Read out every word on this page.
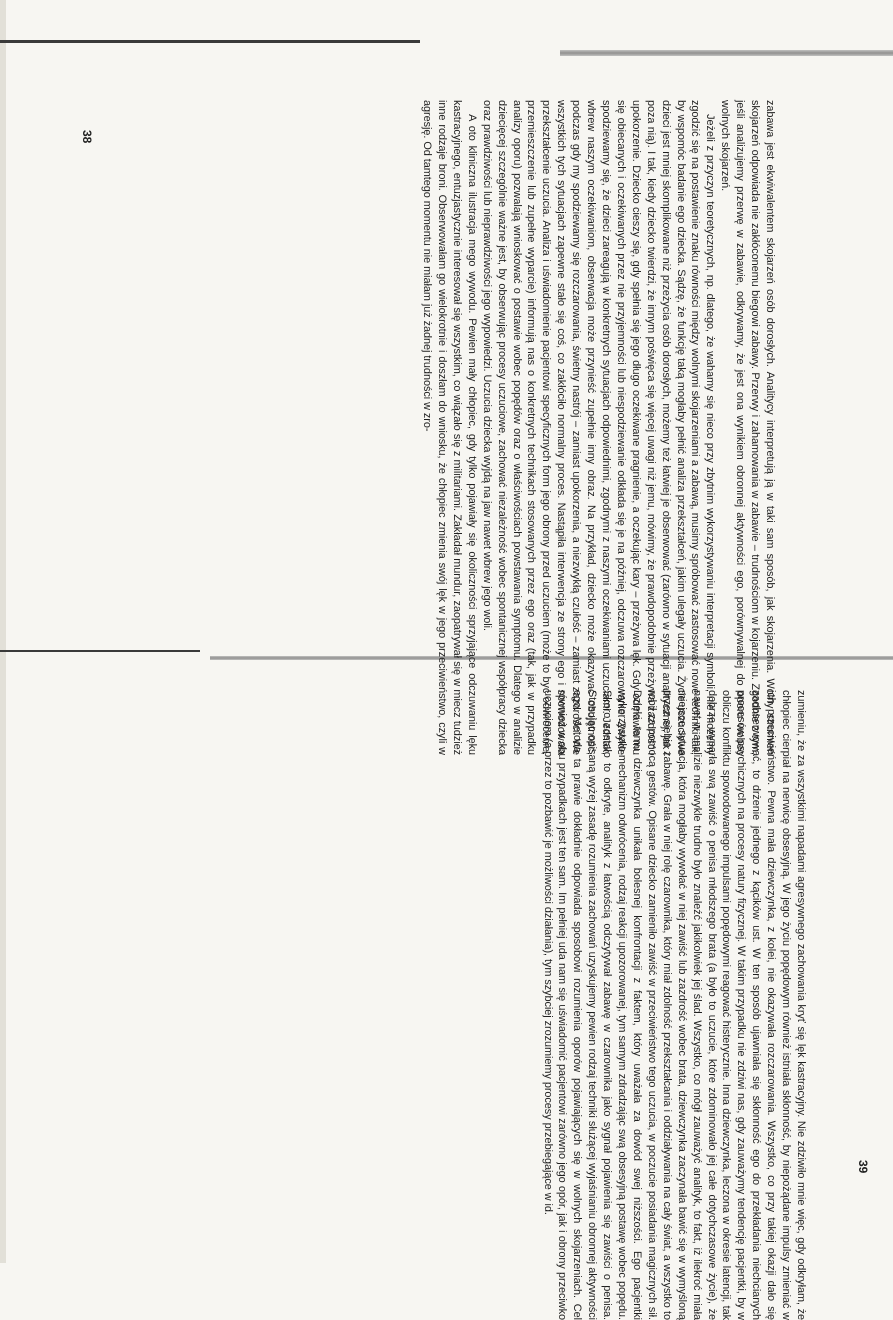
zabawa jest ekwiwalentem skojarzeń osób dorosłych. Analitycy interpretują ją w taki sam sposób, jak skojarzenia. Wolny strumień skojarzeń odpowiada nie zakłóconemu biegowi zabawy. Przerwy i zahamowania w zabawie – trudnościom w kojarzeniu. Zgodnie z tym, jeśli analizujemy przerwę w zabawie, odkrywamy, że jest ona wynikiem obronnej aktywności ego, porównywalnej do oporu wobec wolnych skojarzeń.

Jeżeli z przyczyn teoretycznych, np. dlatego, że wahamy się nieco przy zbytnim wykorzystywaniu interpretacji symboli, nie możemy zgodzić się na postawienie znaku równości między wolnymi skojarzeniami a zabawą, musimy spróbować zastosować nowe techniki tak, by wspomóc badanie ego dziecka. Sądzę, że funkcję taką mogłaby pełnić analiza przekształceń, jakim ulegały uczucia. Życie uczuciowe dzieci jest mniej skomplikowane niż przeżycia osób dorosłych, możemy też łatwiej je obserwować (zarówno w sytuacji analitycznej, jak i poza nią). I tak, kiedy dziecko twierdzi, że innym poświęca się więcej uwagi niż jemu, mówimy, że prawdopodobnie przeżywa zazdrość i upokorzenie. Dziecko cieszy się, gdy spełnia się jego długo oczekiwane pragnienie, a oczekując kary – przeżywa lęk. Gdy odmawia mu się obiecanych i oczekiwanych przez nie przyjemności lub niespodziewanie odkłada się je na później, odczuwa rozczarowanie. Zwykle spodziewamy się, że dzieci zareagują w konkretnych sytuacjach odpowiednimi, zgodnymi z naszymi oczekiwaniami uczuciami. Jednak, wbrew naszym oczekiwaniom, obserwacja może przynieść zupełnie inny obraz. Na przykład, dziecko może okazywać obojętność, podczas gdy my spodziewamy się rozczarowania, świetny nastrój – zamiast upokorzenia, a niezwykłą czułość – zamiast zazdrości. We wszystkich tych sytuacjach zapewne stało się coś, co zakłóciło normalny proces. Nastąpiła interwencja ze strony ego i spowodowała przekształcenie uczucia. Analiza i uświadomienie pacjentowi specyficznych form jego obrony przed uczuciem (może to być odwrócenie, przemieszczenie lub zupełne wyparcie) informują nas o konkretnych technikach stosowanych przez ego oraz (tak, jak w przypadku analizy oporu) pozwalają wnioskować o postawie wobec popędów oraz o właściwościach powstawania symptomu. Dlatego w analizie dziecięcej szczególnie ważne jest, by obserwując procesy uczuciowe, zachować niezależność wobec spontanicznej współpracy dziecka oraz prawdziwości lub nieprawdziwości jego wypowiedzi. Uczucia dziecka wyjdą na jaw nawet wbrew jego woli.

A oto kliniczna ilustracja mego wywodu. Pewien mały chłopiec, gdy tylko pojawiały się okoliczności sprzyjające odczuwaniu lęku kastracyjnego, entuzjastycznie interesował się wszystkim, co wiązało się z militariami. Zakładał mundur, zaopatrywał się w miecz tudzież inne rodzaje broni. Obserwowałam go wielokrotnie i doszłam do wniosku, że chłopiec zmienia swój lęk w jego przeciwieństwo, czyli w agresję. Od tamtego momentu nie miałam już żadnej trudności w zro-

zumieniu, że za wszystkimi napadami agresywnego zachowania kryť się lęk kastracyjny. Nie zdziwiło mnie więc, gdy odkryłam, że chłopiec cierpiał na nerwicę obsesyjną. W jego życiu popędowym również istniała skłonność, by niepożądane impulsy zmieniać w ich przeciwieństwo. Pewna mała dziewczynka, z kolei, nie okazywała rozczarowania. Wszystko, co przy takiej okazji dało się zaobserwować, to drżenie jednego z kącików ust. W ten sposób ujawniała się skłonność ego do przekładania niechcianych procesów psychicznych na procesy natury fizycznej. W takim przypadku nie zdziwi nas, gdy zauważymy tendencję pacjentki, by w obliczu konfliktu spowodowanego impulsami popędowymi reagować histerycznie. Inna dziewczynka, leczona w okresie latencji, tak dobrze wyparła swą zawiść o penisa młodszego brata (a było to uczucie, które zdominowało jej całe dotychczasowe życie), że nawet w analizie niezwykle trudno było znaleźć jakikolwiek jej ślad. Wszystko, co mógł zauważyć analityk, to fakt, iż ilekroć miała miejsce sytuacja, która mogłaby wywołać w niej zawiść lub zazdrość wobec brata, dziewczynka zaczynała bawić się w wymyśloną przez siebie zabawę. Grała w niej rolę czarownika, który miał zdolność przekształcania i oddziaływania na cały świat, a wszystko to robił za pomocą gestów. Opisane dziecko zamieniło zawiść w przeciwieństwo tego uczucia, w poczucie posiadania magicznych sił. Dzięki temu dziewczynka unikała bolesnej konfrontacji z faktem, który uważała za dowód swej niższości. Ego pacjentki wykorzystało mechanizm odwrócenia, rodzaj reakcji upozorowanej, tym samym zdradzając swą obsesyjną postawę wobec popędu. Skoro zostało to odkryte, analityk z łatwością odczytywał zabawę w czarownika jako sygnał pojawienia się zawiści o penisa. Stosując opisaną wyżej zasadę rozumienia zachowań uzyskujemy pewien rodzaj techniki służącej wyjaśnianiu obronnej aktywności ego. Metoda ta prawie dokładnie odpowiada sposobowi rozumienia oporów pojawiających się w wolnych skojarzeniach. Cel również w obu przypadkach jest ten sam. Im pełniej uda nam się uświadomić pacjentowi zarówno jego opór, jak i obrony przeciwko uczuciom (a przez to pozbawić je możliwości działania), tym szybciej zrozumiemy procesy przebiegające w id.

38
39
